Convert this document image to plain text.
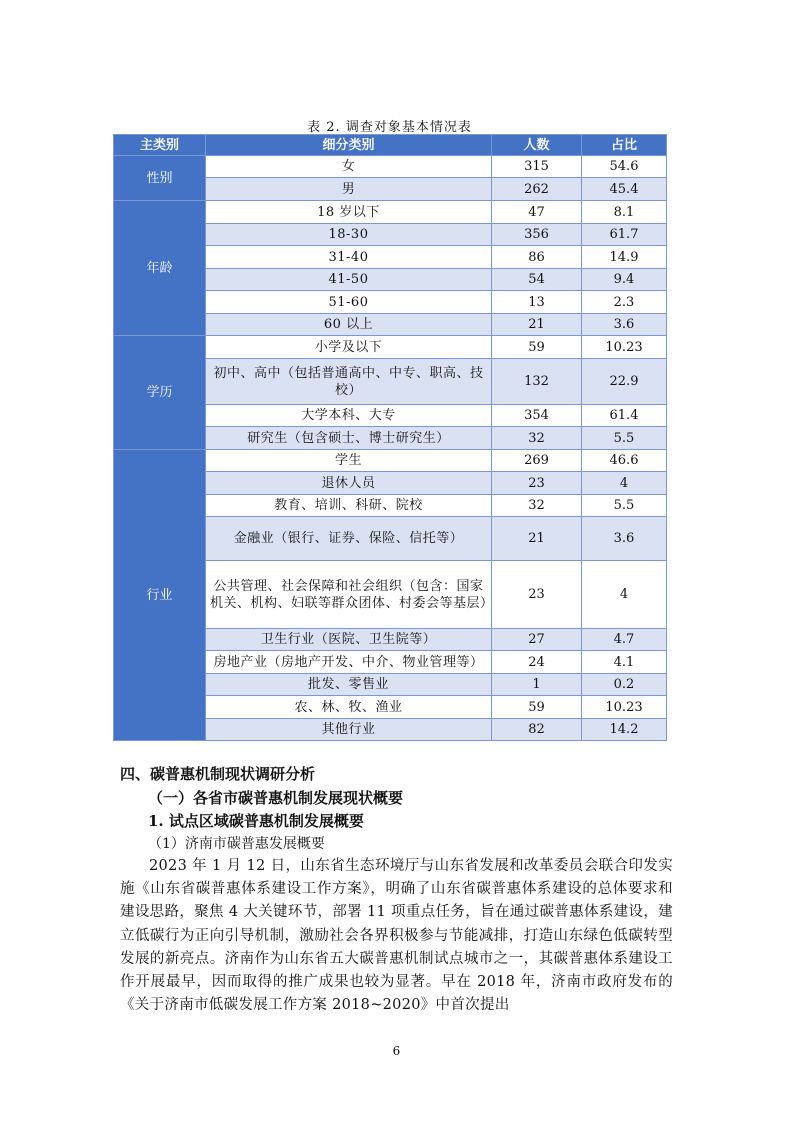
表 2. 调查对象基本情况表
主类别	细分类别	人数	占比
性别	女	315	54.6
	男	262	45.4
年龄	18 岁以下	47	8.1
	18-30	356	61.7
	31-40	86	14.9
	41-50	54	9.4
	51-60	13	2.3
	60 以上	21	3.6
学历	小学及以下	59	10.23
	初中、高中（包括普通高中、中专、职高、技校）	132	22.9
	大学本科、大专	354	61.4
	研究生（包含硕士、博士研究生）	32	5.5
行业	学生	269	46.6
	退休人员	23	4
	教育、培训、科研、院校	32	5.5
	金融业（银行、证券、保险、信托等）	21	3.6
	公共管理、社会保障和社会组织（包含：国家机关、机构、妇联等群众团体、村委会等基层）	23	4
	卫生行业（医院、卫生院等）	27	4.7
	房地产业（房地产开发、中介、物业管理等）	24	4.1
	批发、零售业	1	0.2
	农、林、牧、渔业	59	10.23
	其他行业	82	14.2
四、碳普惠机制现状调研分析
（一）各省市碳普惠机制发展现状概要
1. 试点区域碳普惠机制发展概要
（1）济南市碳普惠发展概要
2023 年 1 月 12 日，山东省生态环境厅与山东省发展和改革委员会联合印发实施《山东省碳普惠体系建设工作方案》，明确了山东省碳普惠体系建设的总体要求和建设思路，聚焦 4 大关键环节，部署 11 项重点任务，旨在通过碳普惠体系建设，建立低碳行为正向引导机制，激励社会各界积极参与节能减排，打造山东绿色低碳转型发展的新亮点。济南作为山东省五大碳普惠机制试点城市之一，其碳普惠体系建设工作开展最早，因而取得的推广成果也较为显著。早在 2018 年，济南市政府发布的《关于济南市低碳发展工作方案 2018~2020》中首次提出
6
